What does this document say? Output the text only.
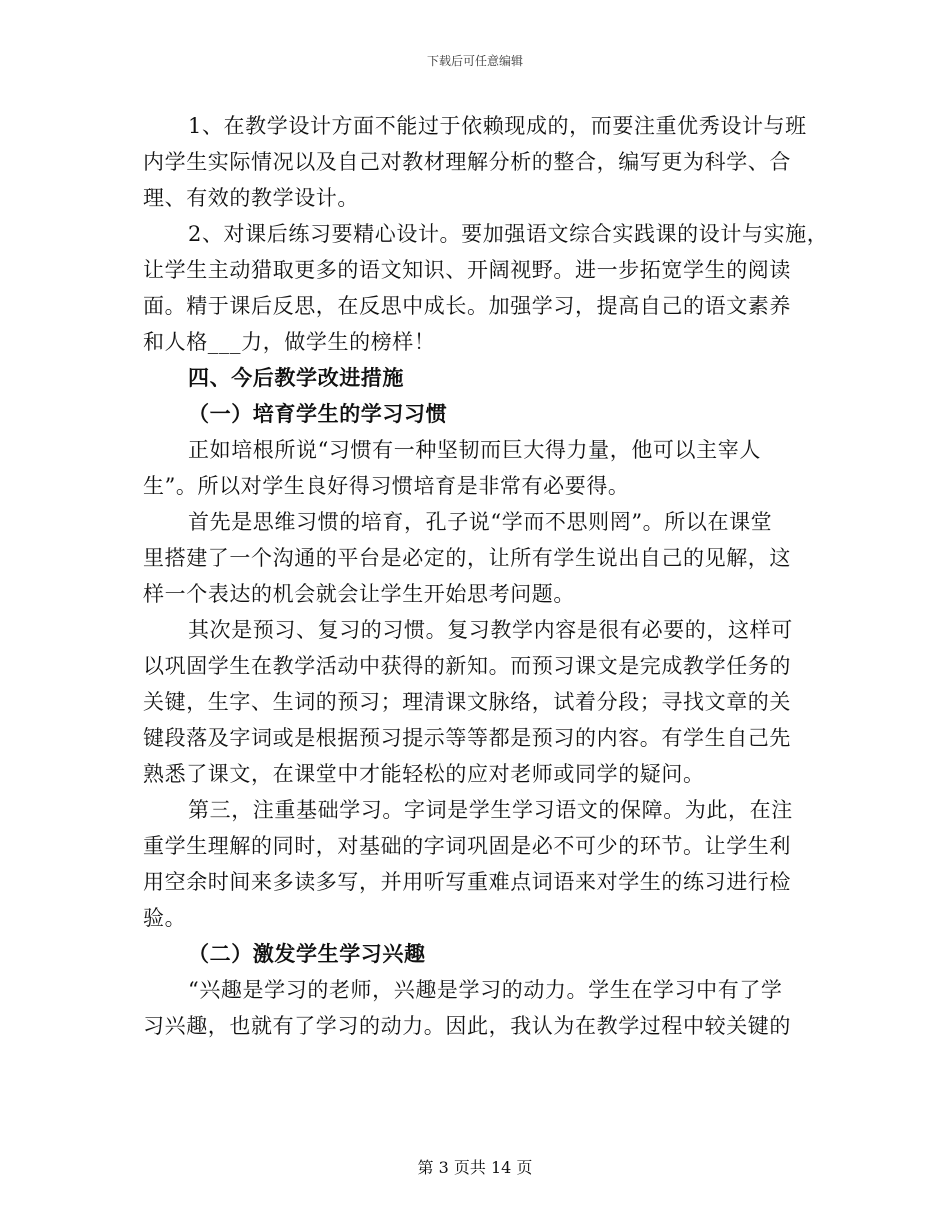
下载后可任意编辑
1、在教学设计方面不能过于依赖现成的，而要注重优秀设计与班
内学生实际情况以及自己对教材理解分析的整合，编写更为科学、合
理、有效的教学设计。
2、对课后练习要精心设计。要加强语文综合实践课的设计与实施，
让学生主动猎取更多的语文知识、开阔视野。进一步拓宽学生的阅读
面。精于课后反思，在反思中成长。加强学习，提高自己的语文素养
和人格___力，做学生的榜样！
四、今后教学改进措施
（一）培育学生的学习习惯
正如培根所说“习惯有一种坚韧而巨大得力量，他可以主宰人
生”。所以对学生良好得习惯培育是非常有必要得。
首先是思维习惯的培育，孔子说“学而不思则罔”。所以在课堂
里搭建了一个沟通的平台是必定的，让所有学生说出自己的见解，这
样一个表达的机会就会让学生开始思考问题。
其次是预习、复习的习惯。复习教学内容是很有必要的，这样可
以巩固学生在教学活动中获得的新知。而预习课文是完成教学任务的
关键，生字、生词的预习；理清课文脉络，试着分段；寻找文章的关
键段落及字词或是根据预习提示等等都是预习的内容。有学生自己先
熟悉了课文，在课堂中才能轻松的应对老师或同学的疑问。
第三，注重基础学习。字词是学生学习语文的保障。为此，在注
重学生理解的同时，对基础的字词巩固是必不可少的环节。让学生利
用空余时间来多读多写，并用听写重难点词语来对学生的练习进行检
验。
（二）激发学生学习兴趣
“兴趣是学习的老师，兴趣是学习的动力。学生在学习中有了学
习兴趣，也就有了学习的动力。因此，我认为在教学过程中较关键的
第 3 页共 14 页
